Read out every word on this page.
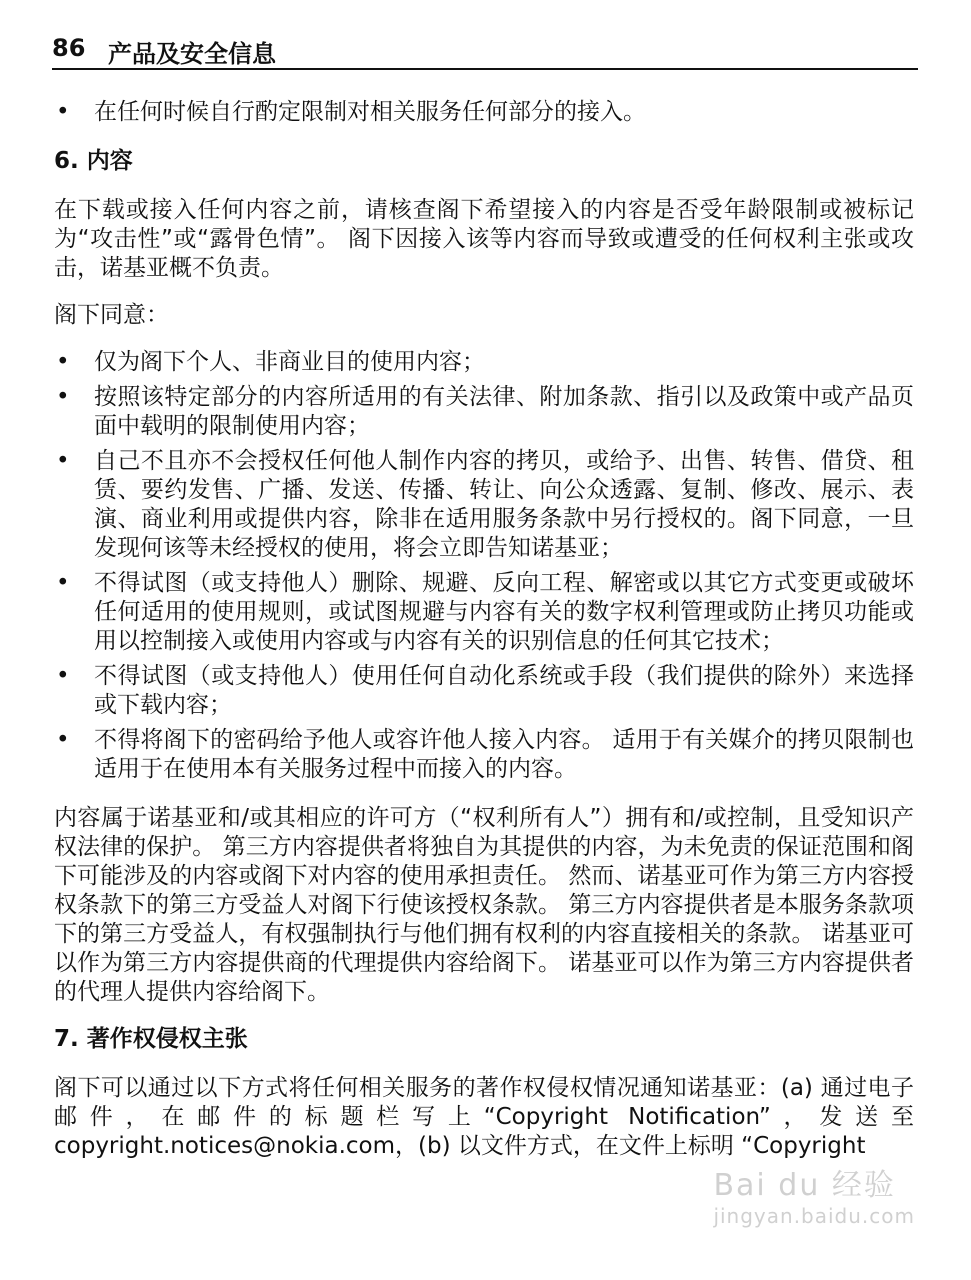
86 产品及安全信息
• 在任何时候自行酌定限制对相关服务任何部分的接入。
6. 内容

在下载或接入任何内容之前，请核查阁下希望接入的内容是否受年龄限制或被标记为“攻击性”或“露骨色情”。 阁下因接入该等内容而导致或遭受的任何权利主张或攻击，诺基亚概不负责。

阁下同意：

• 仅为阁下个人、非商业目的使用内容；
• 按照该特定部分的内容所适用的有关法律、附加条款、指引以及政策中或产品页面中载明的限制使用内容；
• 自己不且亦不会授权任何他人制作内容的拷贝，或给予、出售、转售、借贷、租赁、要约发售、广播、发送、传播、转让、向公众透露、复制、修改、展示、表演、商业利用或提供内容，除非在适用服务条款中另行授权的。阁下同意，一旦发现何该等未经授权的使用，将会立即告知诺基亚；
• 不得试图（或支持他人）删除、规避、反向工程、解密或以其它方式变更或破坏任何适用的使用规则，或试图规避与内容有关的数字权利管理或防止拷贝功能或用以控制接入或使用内容或与内容有关的识别信息的任何其它技术；
• 不得试图（或支持他人）使用任何自动化系统或手段（我们提供的除外）来选择或下载内容；
• 不得将阁下的密码给予他人或容许他人接入内容。 适用于有关媒介的拷贝限制也适用于在使用本有关服务过程中而接入的内容。

内容属于诺基亚和/或其相应的许可方（“权利所有人”）拥有和/或控制，且受知识产权法律的保护。 第三方内容提供者将独自为其提供的内容，为未免责的保证范围和阁下可能涉及的内容或阁下对内容的使用承担责任。 然而、诺基亚可作为第三方内容授权条款下的第三方受益人对阁下行使该授权条款。 第三方内容提供者是本服务条款项下的第三方受益人，有权强制执行与他们拥有权利的内容直接相关的条款。 诺基亚可以作为第三方内容提供商的代理提供内容给阁下。 诺基亚可以作为第三方内容提供者的代理人提供内容给阁下。

7. 著作权侵权主张

阁下可以通过以下方式将任何相关服务的著作权侵权情况通知诺基亚：(a) 通过电子邮件，在邮件的标题栏写上“Copyright Notification”，发送至 copyright.notices@nokia.com，(b) 以文件方式，在文件上标明 “Copyright

Bai du 经验
jingyan.baidu.com
